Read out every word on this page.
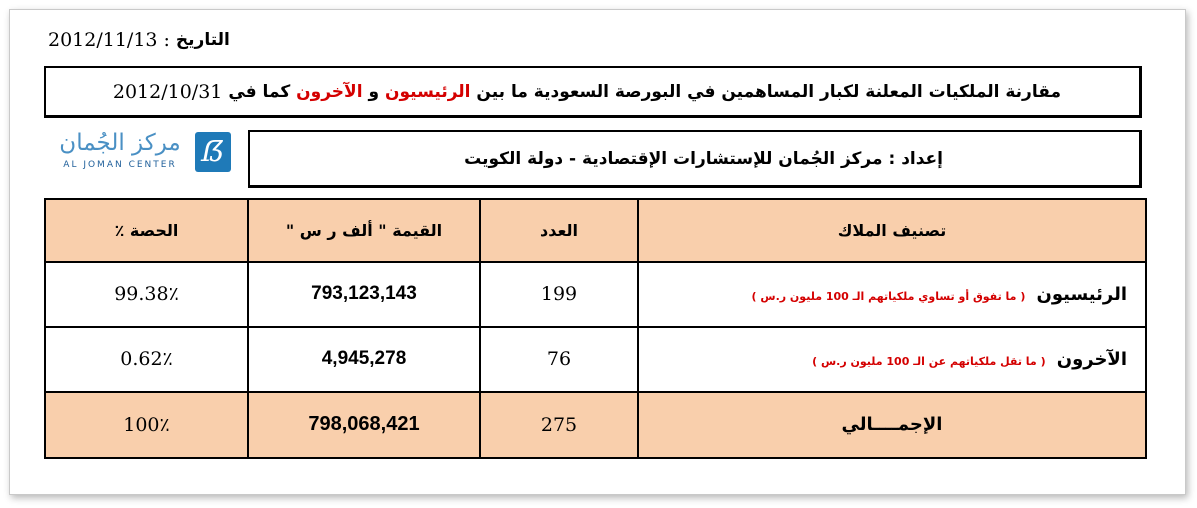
التاريخ
:
2012/11/13
مقارنة الملكيات المعلنة لكبار المساهمين في البورصة السعودية ما بين

الرئيسيون

و

الآخرون

كما في

2012/10/31
مركز الجُمان
AL JOMAN CENTER ẞ	إعداد

:

مركز الجُمان للإستشارات الإقتصادية - دولة الكويت
تصنيف الملاك	العدد	القيمة " ألف ر س "	الحصة ٪
الرئيسيون ( ما تفوق أو تساوي ملكياتهم الـ 100 مليون ر.س )	199	793,123,143	99.38٪
الآخرون ( ما تقل ملكياتهم عن الـ 100 مليون ر.س )	76	4,945,278	0.62٪
الإجمــــالي	275	798,068,421	100٪
